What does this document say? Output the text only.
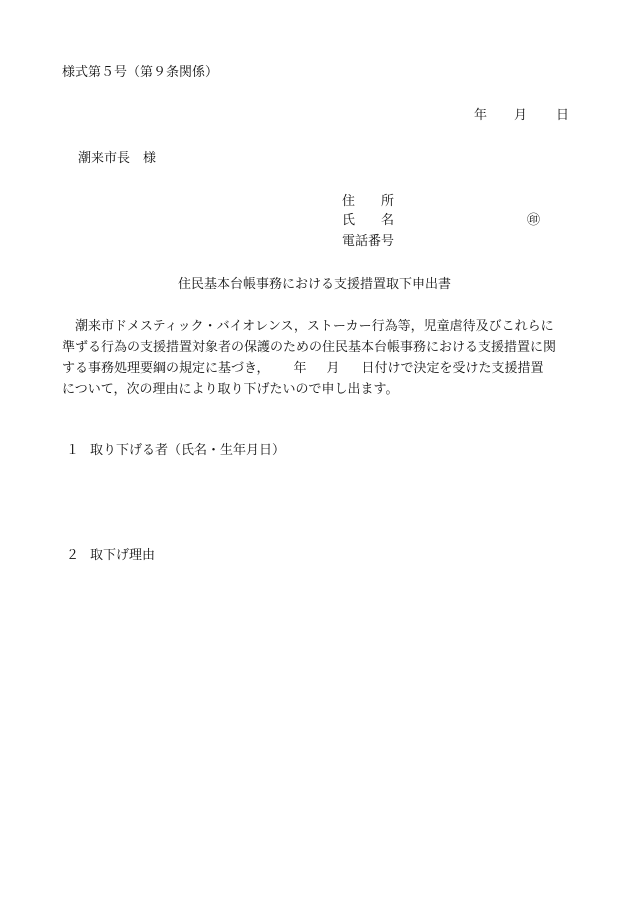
様式第５号（第９条関係）
年 月 日
潮来市長　様
住 所
氏 名	㊞
電話番号
住民基本台帳事務における支援措置取下申出書
潮来市ドメスティック・バイオレンス，ストーカー行為等，児童虐待及びこれらに
準ずる行為の支援措置対象者の保護のための住民基本台帳事務における支援措置に関
する事務処理要綱の規定に基づき， 年 月 日付けで決定を受けた支援措置
について，次の理由により取り下げたいので申し出ます。
１ 取り下げる者（氏名・生年月日）
２ 取下げ理由
